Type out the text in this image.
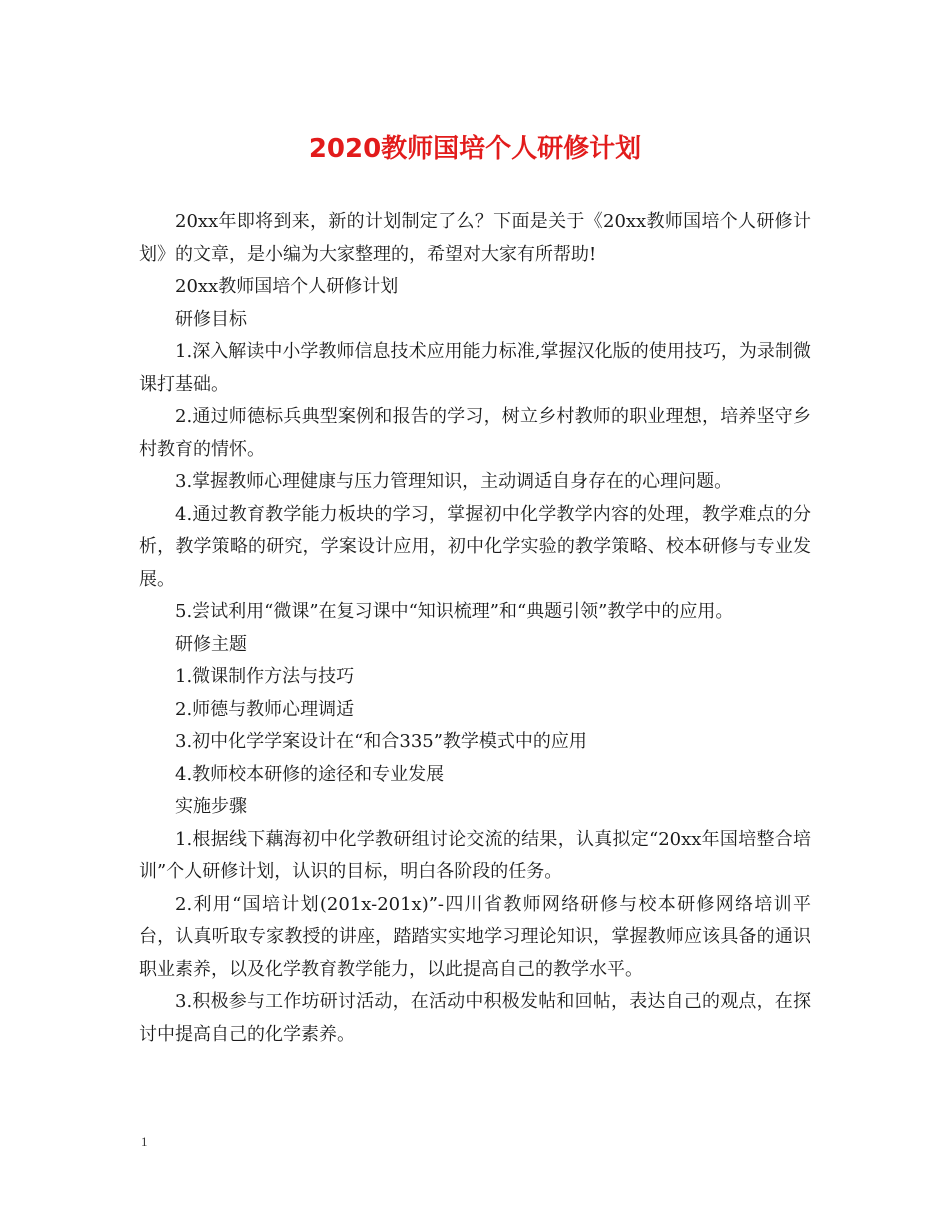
2020教师国培个人研修计划

20xx年即将到来，新的计划制定了么？下面是关于《20xx教师国培个人研修计划》的文章，是小编为大家整理的，希望对大家有所帮助!

20xx教师国培个人研修计划

研修目标

1.深入解读中小学教师信息技术应用能力标准,掌握汉化版的使用技巧，为录制微课打基础。

2.通过师德标兵典型案例和报告的学习，树立乡村教师的职业理想，培养坚守乡村教育的情怀。

3.掌握教师心理健康与压力管理知识，主动调适自身存在的心理问题。

4.通过教育教学能力板块的学习，掌握初中化学教学内容的处理，教学难点的分析，教学策略的研究，学案设计应用，初中化学实验的教学策略、校本研修与专业发展。

5.尝试利用“微课”在复习课中“知识梳理”和“典题引领”教学中的应用。

研修主题

1.微课制作方法与技巧

2.师德与教师心理调适

3.初中化学学案设计在“和合335”教学模式中的应用

4.教师校本研修的途径和专业发展

实施步骤

1.根据线下藕海初中化学教研组讨论交流的结果，认真拟定“20xx年国培整合培训”个人研修计划，认识的目标，明白各阶段的任务。

2.利用“国培计划(201x-201x)”-四川省教师网络研修与校本研修网络培训平台，认真听取专家教授的讲座，踏踏实实地学习理论知识，掌握教师应该具备的通识职业素养，以及化学教育教学能力，以此提高自己的教学水平。

3.积极参与工作坊研讨活动，在活动中积极发帖和回帖，表达自己的观点，在探讨中提高自己的化学素养。

1
